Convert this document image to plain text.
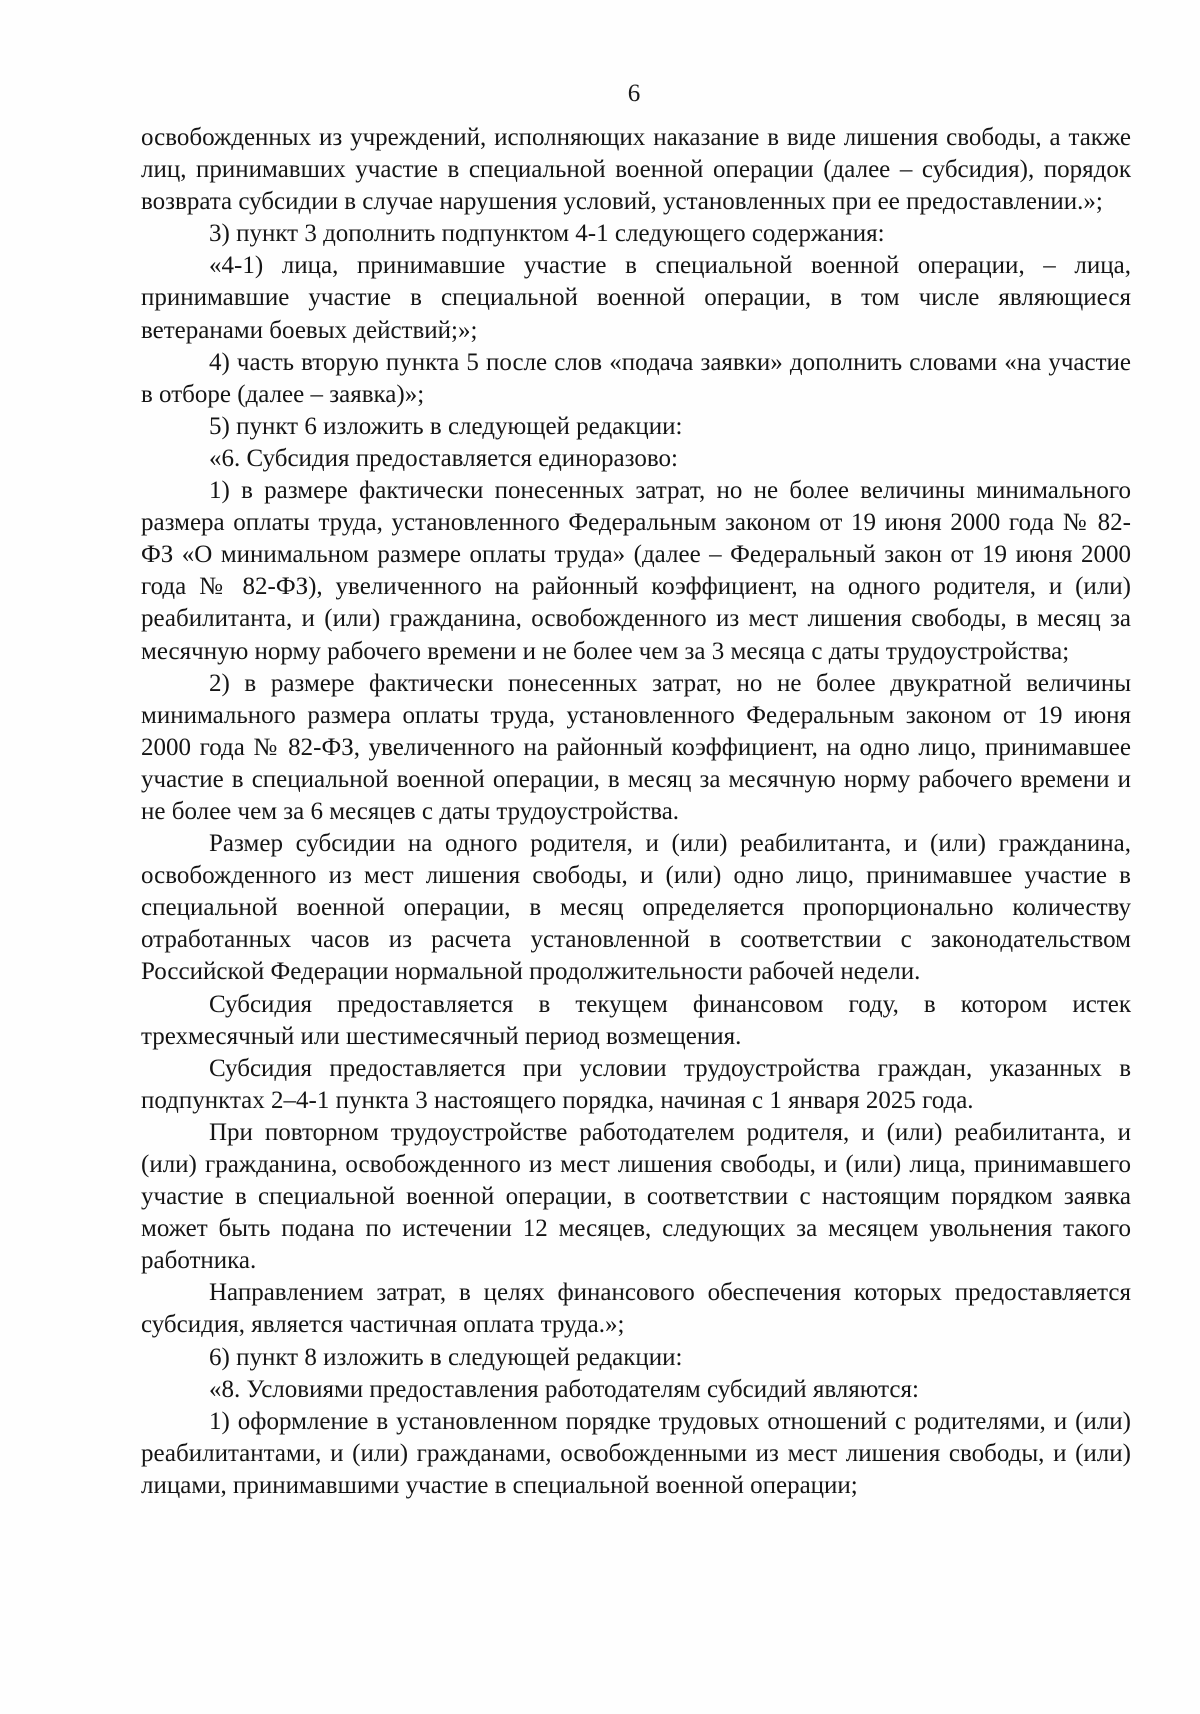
6

освобожденных из учреждений, исполняющих наказание в виде лишения свободы, а также лиц, принимавших участие в специальной военной операции (далее – субсидия), порядок возврата субсидии в случае нарушения условий, установленных при ее предоставлении.»;

3) пункт 3 дополнить подпунктом 4-1 следующего содержания:

«4-1) лица, принимавшие участие в специальной военной операции, – лица, принимавшие участие в специальной военной операции, в том числе являющиеся ветеранами боевых действий;»;

4) часть вторую пункта 5 после слов «подача заявки» дополнить словами «на участие в отборе (далее – заявка)»;

5) пункт 6 изложить в следующей редакции:

«6. Субсидия предоставляется единоразово:

1) в размере фактически понесенных затрат, но не более величины минимального размера оплаты труда, установленного Федеральным законом от 19 июня 2000 года № 82-ФЗ «О минимальном размере оплаты труда» (далее – Федеральный закон от 19 июня 2000 года № 82-ФЗ), увеличенного на районный коэффициент, на одного родителя, и (или) реабилитанта, и (или) гражданина, освобожденного из мест лишения свободы, в месяц за месячную норму рабочего времени и не более чем за 3 месяца с даты трудоустройства;

2) в размере фактически понесенных затрат, но не более двукратной величины минимального размера оплаты труда, установленного Федеральным законом от 19 июня 2000 года № 82-ФЗ, увеличенного на районный коэффициент, на одно лицо, принимавшее участие в специальной военной операции, в месяц за месячную норму рабочего времени и не более чем за 6 месяцев с даты трудоустройства.

Размер субсидии на одного родителя, и (или) реабилитанта, и (или) гражданина, освобожденного из мест лишения свободы, и (или) одно лицо, принимавшее участие в специальной военной операции, в месяц определяется пропорционально количеству отработанных часов из расчета установленной в соответствии с законодательством Российской Федерации нормальной продолжительности рабочей недели.

Субсидия предоставляется в текущем финансовом году, в котором истек трехмесячный или шестимесячный период возмещения.

Субсидия предоставляется при условии трудоустройства граждан, указанных в подпунктах 2–4-1 пункта 3 настоящего порядка, начиная с 1 января 2025 года.

При повторном трудоустройстве работодателем родителя, и (или) реабилитанта, и (или) гражданина, освобожденного из мест лишения свободы, и (или) лица, принимавшего участие в специальной военной операции, в соответствии с настоящим порядком заявка может быть подана по истечении 12 месяцев, следующих за месяцем увольнения такого работника.

Направлением затрат, в целях финансового обеспечения которых предоставляется субсидия, является частичная оплата труда.»;

6) пункт 8 изложить в следующей редакции:

«8. Условиями предоставления работодателям субсидий являются:

1) оформление в установленном порядке трудовых отношений с родителями, и (или) реабилитантами, и (или) гражданами, освобожденными из мест лишения свободы, и (или) лицами, принимавшими участие в специальной военной операции;
